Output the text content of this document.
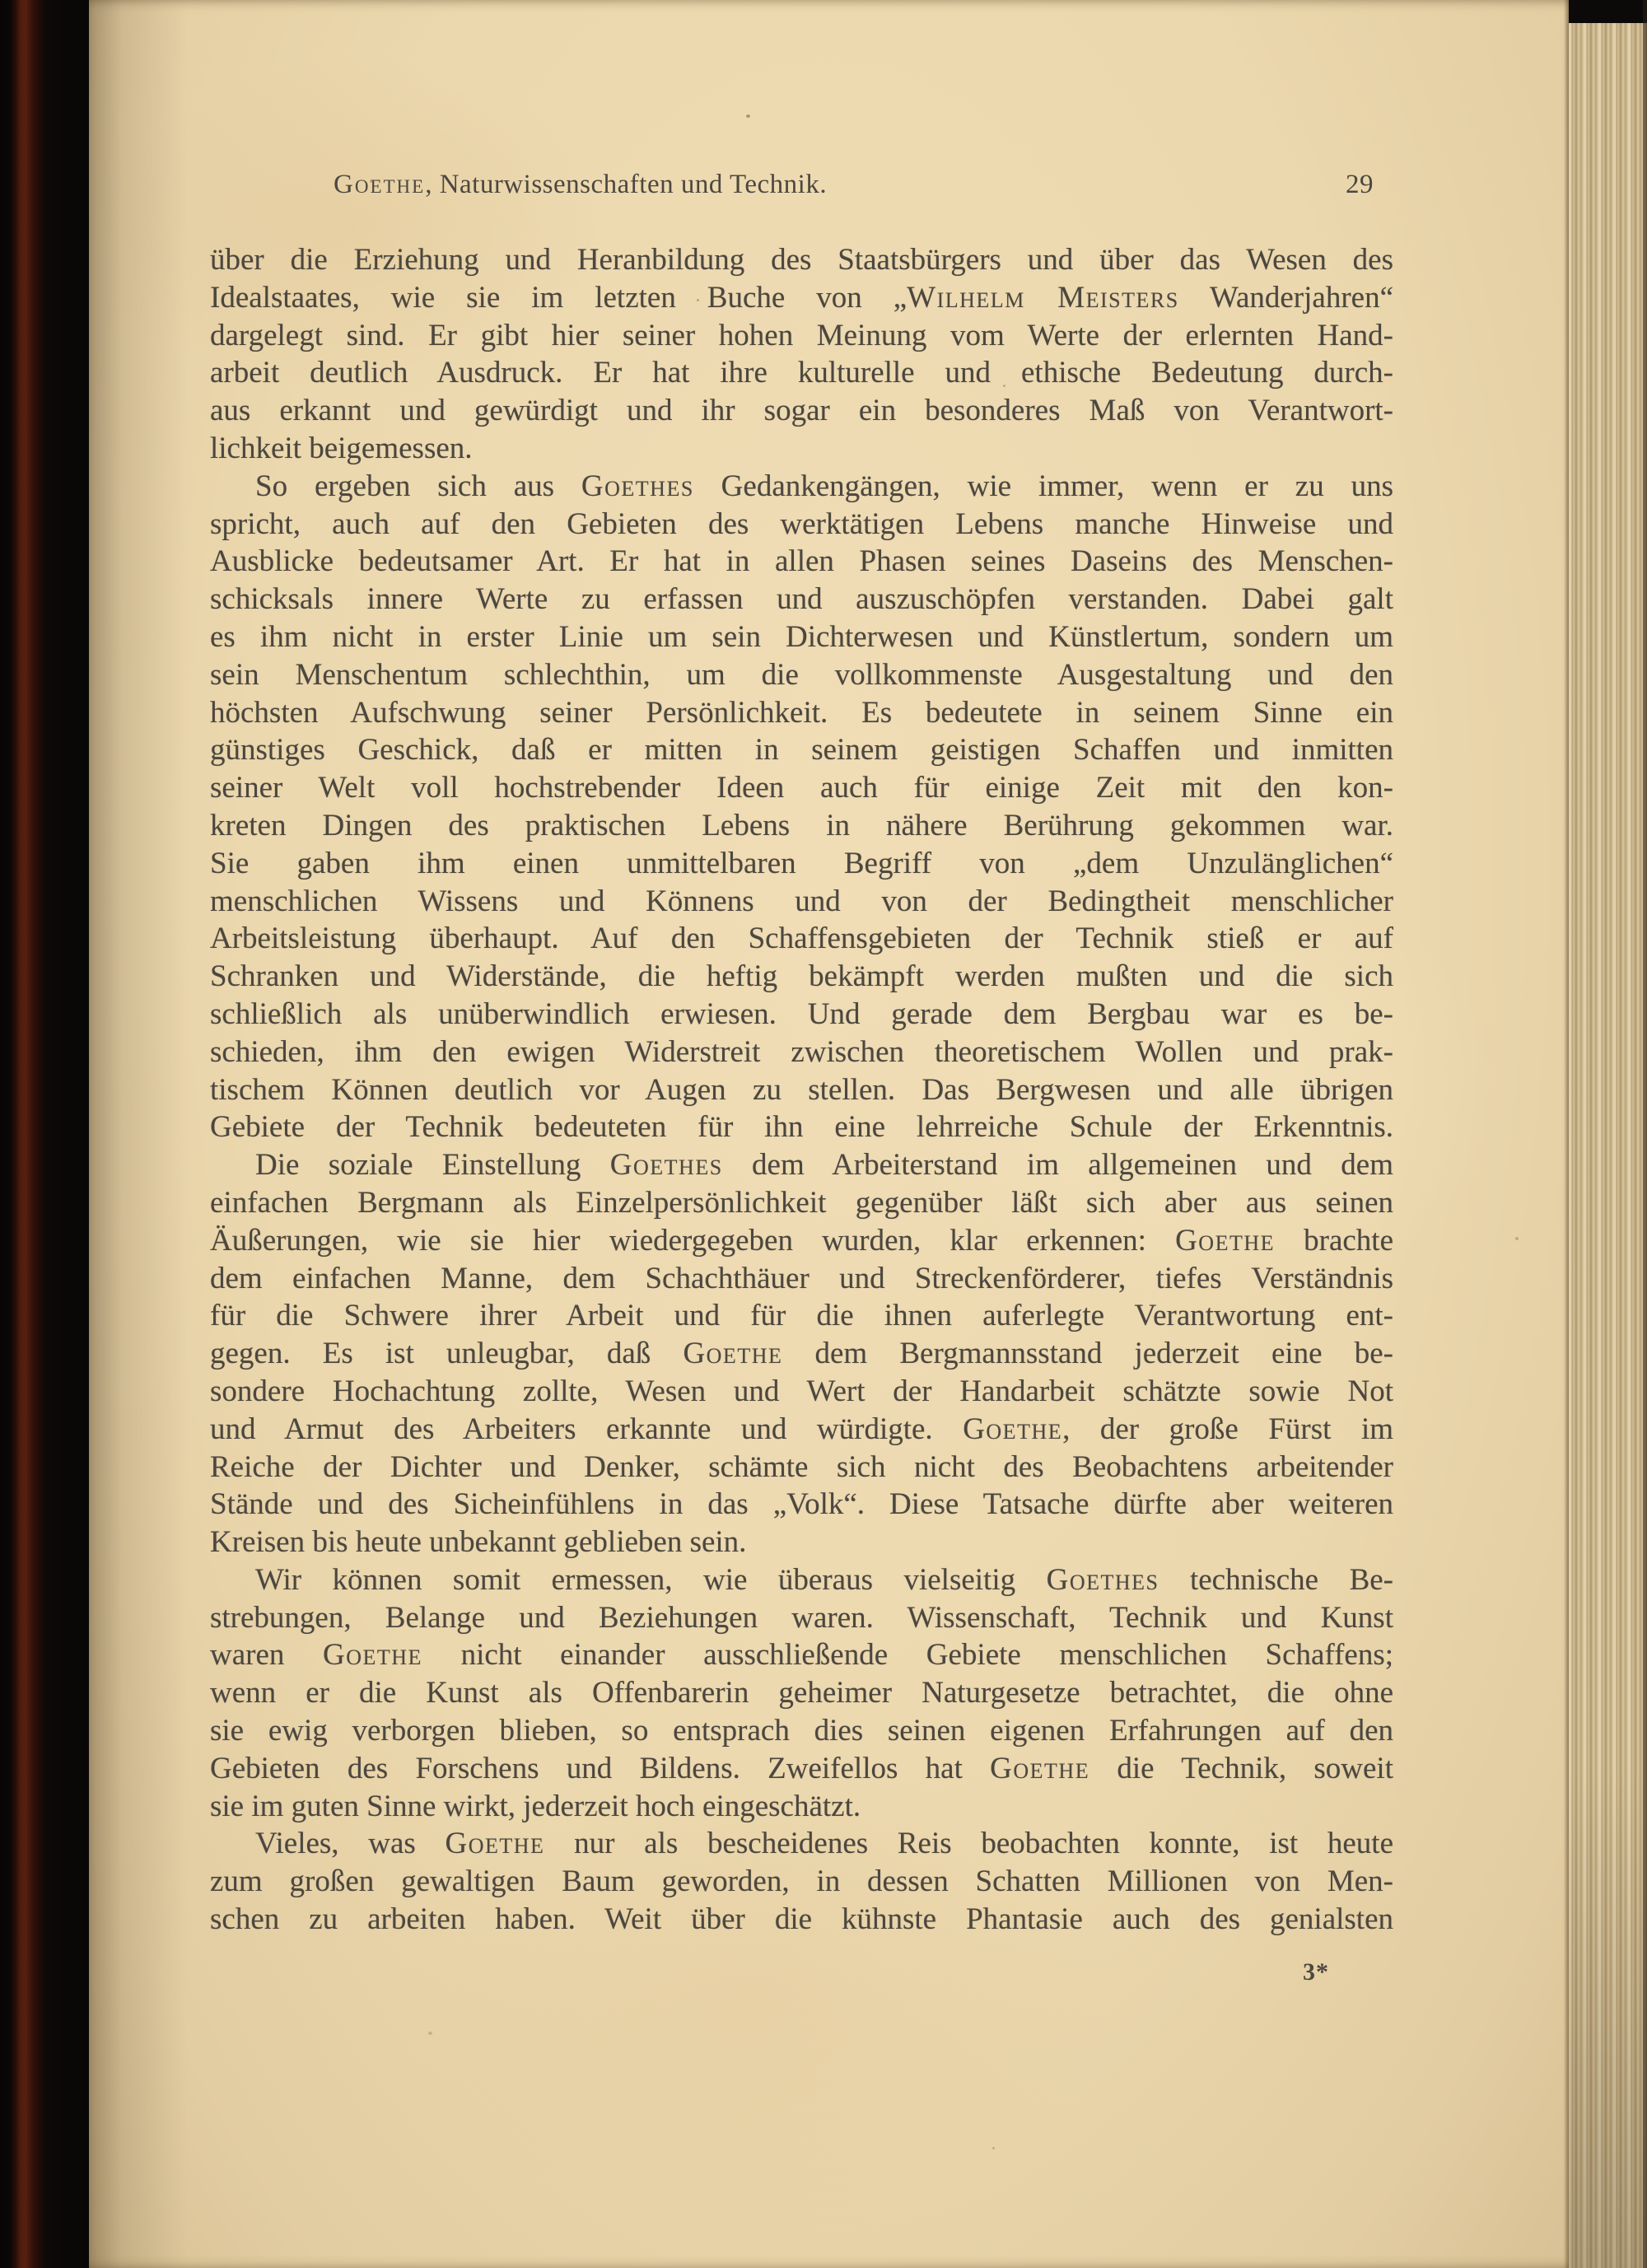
Goethe, Naturwissenschaften und Technik.	29
über die Erziehung und Heranbildung des Staatsbürgers und über das Wesen des
Idealstaates, wie sie im letzten Buche von „Wilhelm Meisters Wanderjahren“
dargelegt sind. Er gibt hier seiner hohen Meinung vom Werte der erlernten Hand-
arbeit deutlich Ausdruck. Er hat ihre kulturelle und ethische Bedeutung durch-
aus erkannt und gewürdigt und ihr sogar ein besonderes Maß von Verantwort-
lichkeit beigemessen.
So ergeben sich aus Goethes Gedankengängen, wie immer, wenn er zu uns
spricht, auch auf den Gebieten des werktätigen Lebens manche Hinweise und
Ausblicke bedeutsamer Art. Er hat in allen Phasen seines Daseins des Menschen-
schicksals innere Werte zu erfassen und auszuschöpfen verstanden. Dabei galt
es ihm nicht in erster Linie um sein Dichterwesen und Künstlertum, sondern um
sein Menschentum schlechthin, um die vollkommenste Ausgestaltung und den
höchsten Aufschwung seiner Persönlichkeit. Es bedeutete in seinem Sinne ein
günstiges Geschick, daß er mitten in seinem geistigen Schaffen und inmitten
seiner Welt voll hochstrebender Ideen auch für einige Zeit mit den kon-
kreten Dingen des praktischen Lebens in nähere Berührung gekommen war.
Sie gaben ihm einen unmittelbaren Begriff von „dem Unzulänglichen“
menschlichen Wissens und Könnens und von der Bedingtheit menschlicher
Arbeitsleistung überhaupt. Auf den Schaffensgebieten der Technik stieß er auf
Schranken und Widerstände, die heftig bekämpft werden mußten und die sich
schließlich als unüberwindlich erwiesen. Und gerade dem Bergbau war es be-
schieden, ihm den ewigen Widerstreit zwischen theoretischem Wollen und prak-
tischem Können deutlich vor Augen zu stellen. Das Bergwesen und alle übrigen
Gebiete der Technik bedeuteten für ihn eine lehrreiche Schule der Erkenntnis.
Die soziale Einstellung Goethes dem Arbeiterstand im allgemeinen und dem
einfachen Bergmann als Einzelpersönlichkeit gegenüber läßt sich aber aus seinen
Äußerungen, wie sie hier wiedergegeben wurden, klar erkennen: Goethe brachte
dem einfachen Manne, dem Schachthäuer und Streckenförderer, tiefes Verständnis
für die Schwere ihrer Arbeit und für die ihnen auferlegte Verantwortung ent-
gegen. Es ist unleugbar, daß Goethe dem Bergmannsstand jederzeit eine be-
sondere Hochachtung zollte, Wesen und Wert der Handarbeit schätzte sowie Not
und Armut des Arbeiters erkannte und würdigte. Goethe, der große Fürst im
Reiche der Dichter und Denker, schämte sich nicht des Beobachtens arbeitender
Stände und des Sicheinfühlens in das „Volk“. Diese Tatsache dürfte aber weiteren
Kreisen bis heute unbekannt geblieben sein.
Wir können somit ermessen, wie überaus vielseitig Goethes technische Be-
strebungen, Belange und Beziehungen waren. Wissenschaft, Technik und Kunst
waren Goethe nicht einander ausschließende Gebiete menschlichen Schaffens;
wenn er die Kunst als Offenbarerin geheimer Naturgesetze betrachtet, die ohne
sie ewig verborgen blieben, so entsprach dies seinen eigenen Erfahrungen auf den
Gebieten des Forschens und Bildens. Zweifellos hat Goethe die Technik, soweit
sie im guten Sinne wirkt, jederzeit hoch eingeschätzt.
Vieles, was Goethe nur als bescheidenes Reis beobachten konnte, ist heute
zum großen gewaltigen Baum geworden, in dessen Schatten Millionen von Men-
schen zu arbeiten haben. Weit über die kühnste Phantasie auch des genialsten
3*
